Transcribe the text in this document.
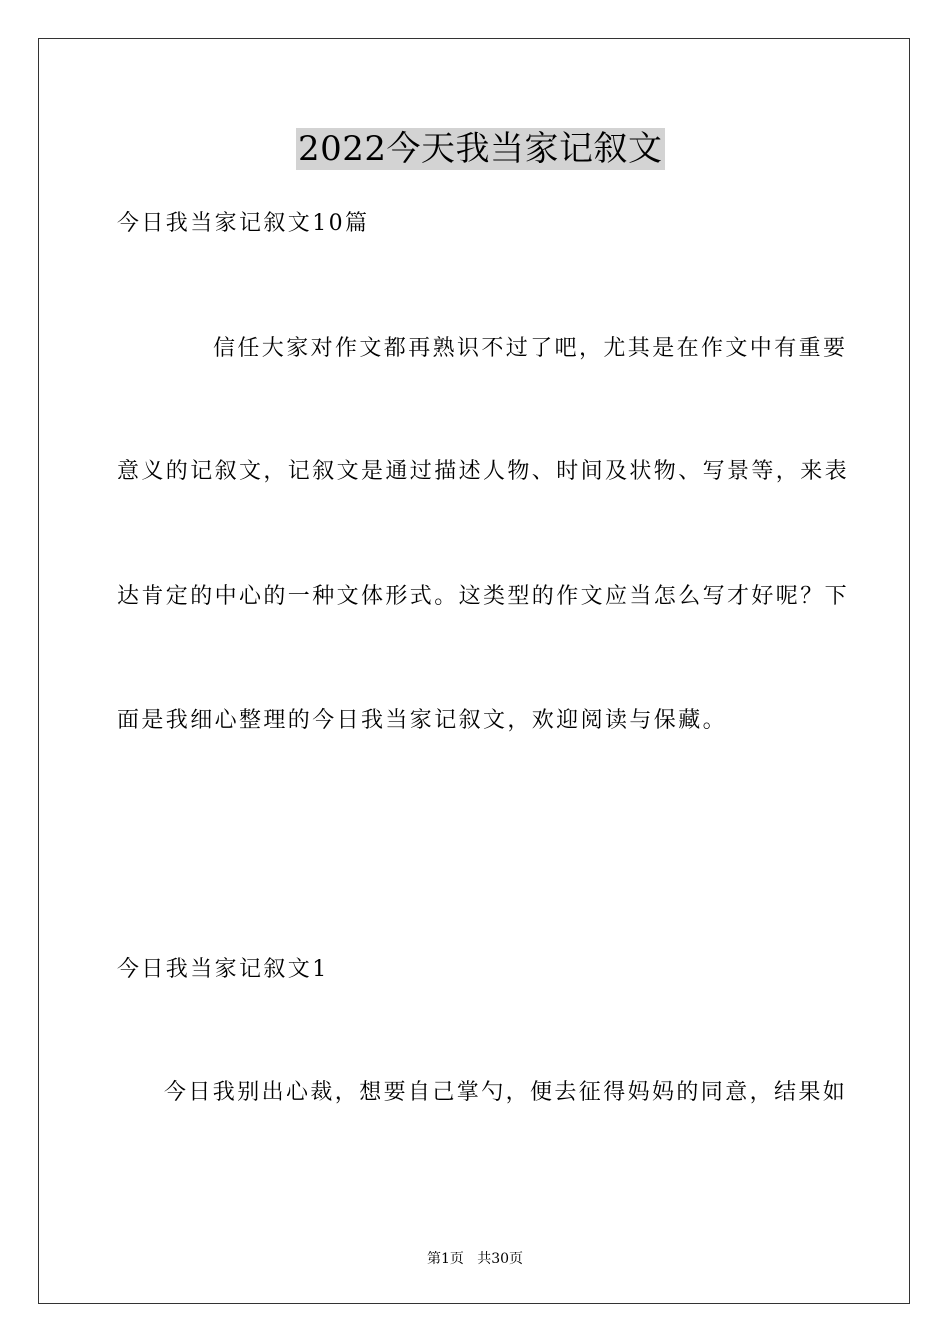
2022今天我当家记叙文
今日我当家记叙文10篇
信任大家对作文都再熟识不过了吧，尤其是在作文中有重要
意义的记叙文，记叙文是通过描述人物、时间及状物、写景等，来表
达肯定的中心的一种文体形式。这类型的作文应当怎么写才好呢？下
面是我细心整理的今日我当家记叙文，欢迎阅读与保藏。
今日我当家记叙文1
今日我别出心裁，想要自己掌勺，便去征得妈妈的同意，结果如
第1页   共30页
